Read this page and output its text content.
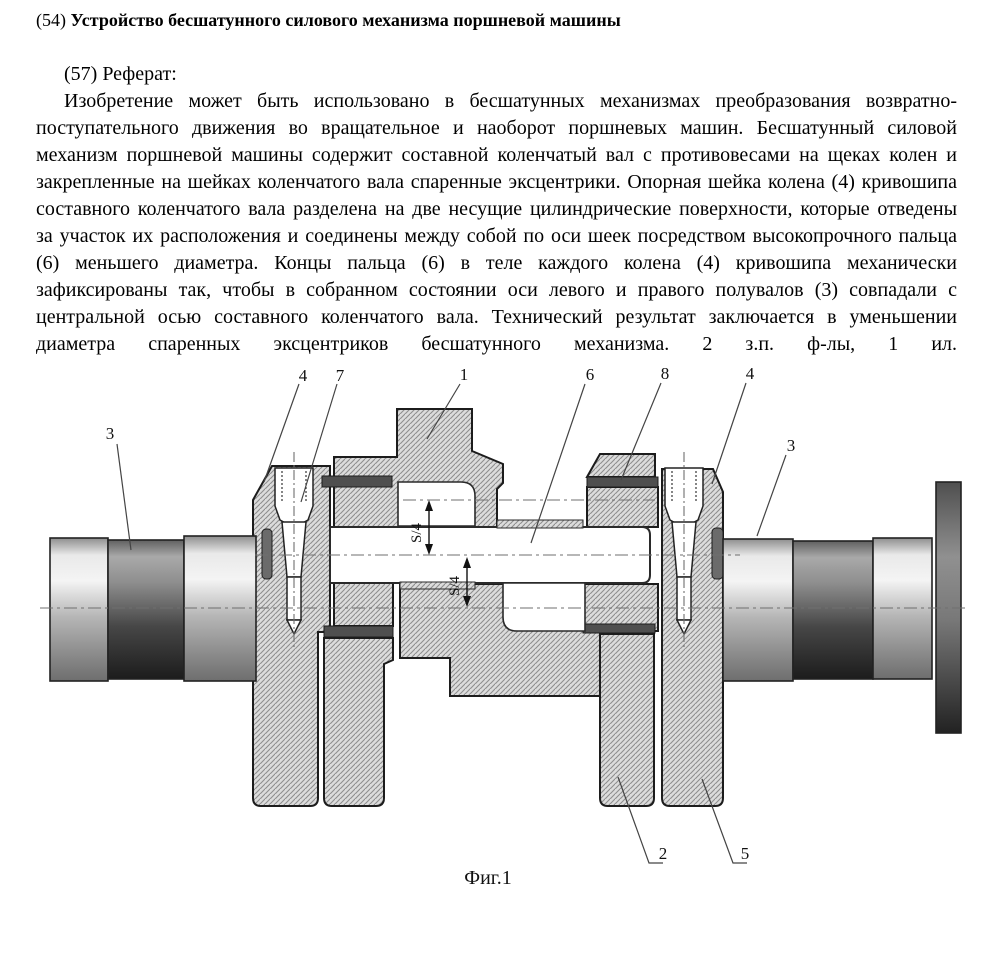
(54) Устройство бесшатунного силового механизма поршневой машины

(57) Реферат:

Изобретение может быть использовано в бесшатунных механизмах преобразования возвратно-поступательного движения во вращательное и наоборот поршневых машин. Бесшатунный силовой механизм поршневой машины содержит составной коленчатый вал с противовесами на щеках колен и закрепленные на шейках коленчатого вала спаренные эксцентрики. Опорная шейка колена (4) кривошипа составного коленчатого вала разделена на две несущие цилиндрические поверхности, которые отведены за участок их расположения и соединены между собой по оси шеек посредством высокопрочного пальца (6) меньшего диаметра. Концы пальца (6) в теле каждого колена (4) кривошипа механически зафиксированы так, чтобы в собранном состоянии оси левого и правого полувалов (3) совпадали с центральной осью составного коленчатого вала. Технический результат заключается в уменьшении диаметра спаренных эксцентриков бесшатунного механизма. 2 з.п. ф-лы, 1 ил.

S/4
S/4
3
4 7	1	6	8	4
3
2	5
Фиг.1
